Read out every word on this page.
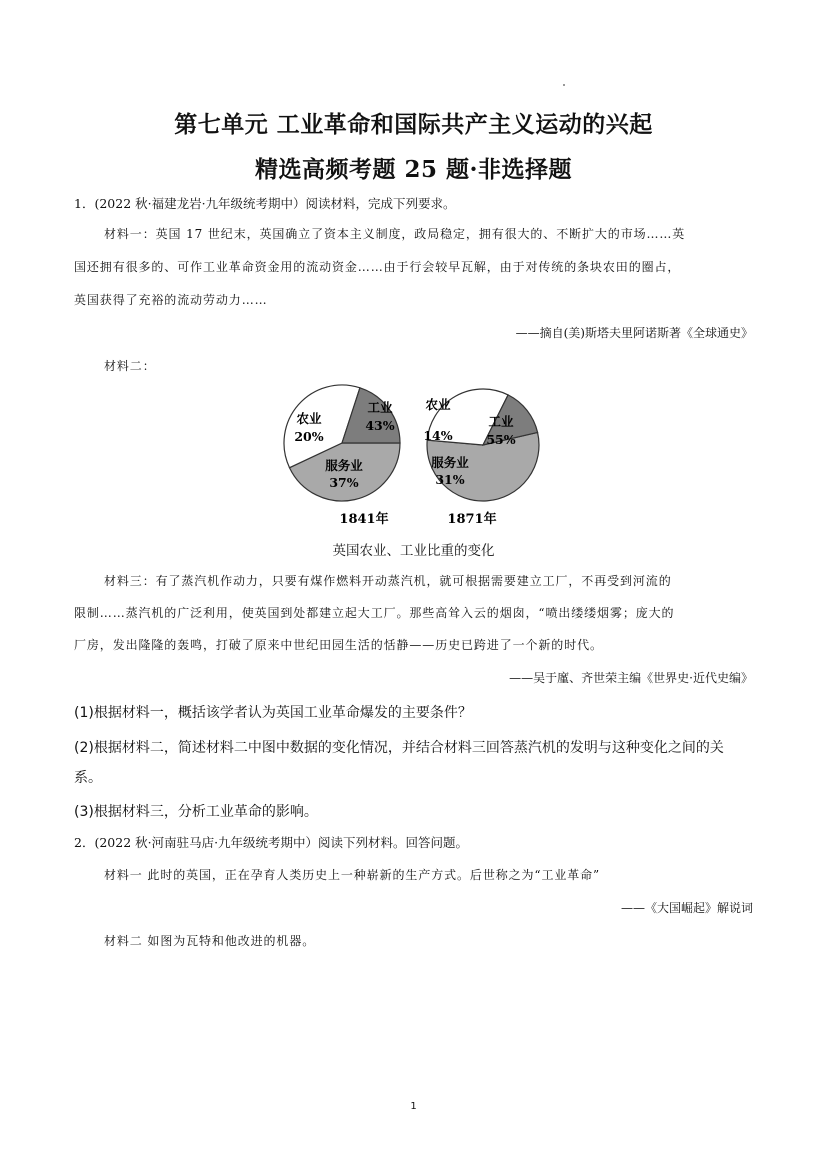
第七单元 工业革命和国际共产主义运动的兴起
精选高频考题 25 题·非选择题
1．(2022 秋·福建龙岩·九年级统考期中）阅读材料，完成下列要求。
材料一：英国 17 世纪末，英国确立了资本主义制度，政局稳定，拥有很大的、不断扩大的市场……英
国还拥有很多的、可作工业革命资金用的流动资金……由于行会较早瓦解，由于对传统的条块农田的圈占，
英国获得了充裕的流动劳动力……
——摘自(美)斯塔夫里阿诺斯著《全球通史》
材料二：
工业
43%
服务业
37%
农业
20%
1841年
工业
55%
服务业
31%
农业
14%
1871年
英国农业、工业比重的变化
材料三：有了蒸汽机作动力，只要有煤作燃料开动蒸汽机，就可根据需要建立工厂，不再受到河流的
限制……蒸汽机的广泛利用，使英国到处都建立起大工厂。那些高耸入云的烟囱，“喷出缕缕烟雾；庞大的
厂房，发出隆隆的轰鸣，打破了原来中世纪田园生活的恬静——历史已跨进了一个新的时代。
——吴于廑、齐世荣主编《世界史·近代史编》
(1)根据材料一，概括该学者认为英国工业革命爆发的主要条件？
(2)根据材料二，简述材料二中图中数据的变化情况，并结合材料三回答蒸汽机的发明与这种变化之间的关
系。
(3)根据材料三，分析工业革命的影响。
2．(2022 秋·河南驻马店·九年级统考期中）阅读下列材料。回答问题。
材料一 此时的英国，正在孕育人类历史上一种崭新的生产方式。后世称之为“工业革命”
——《大国崛起》解说词
材料二 如图为瓦特和他改进的机器。
1
